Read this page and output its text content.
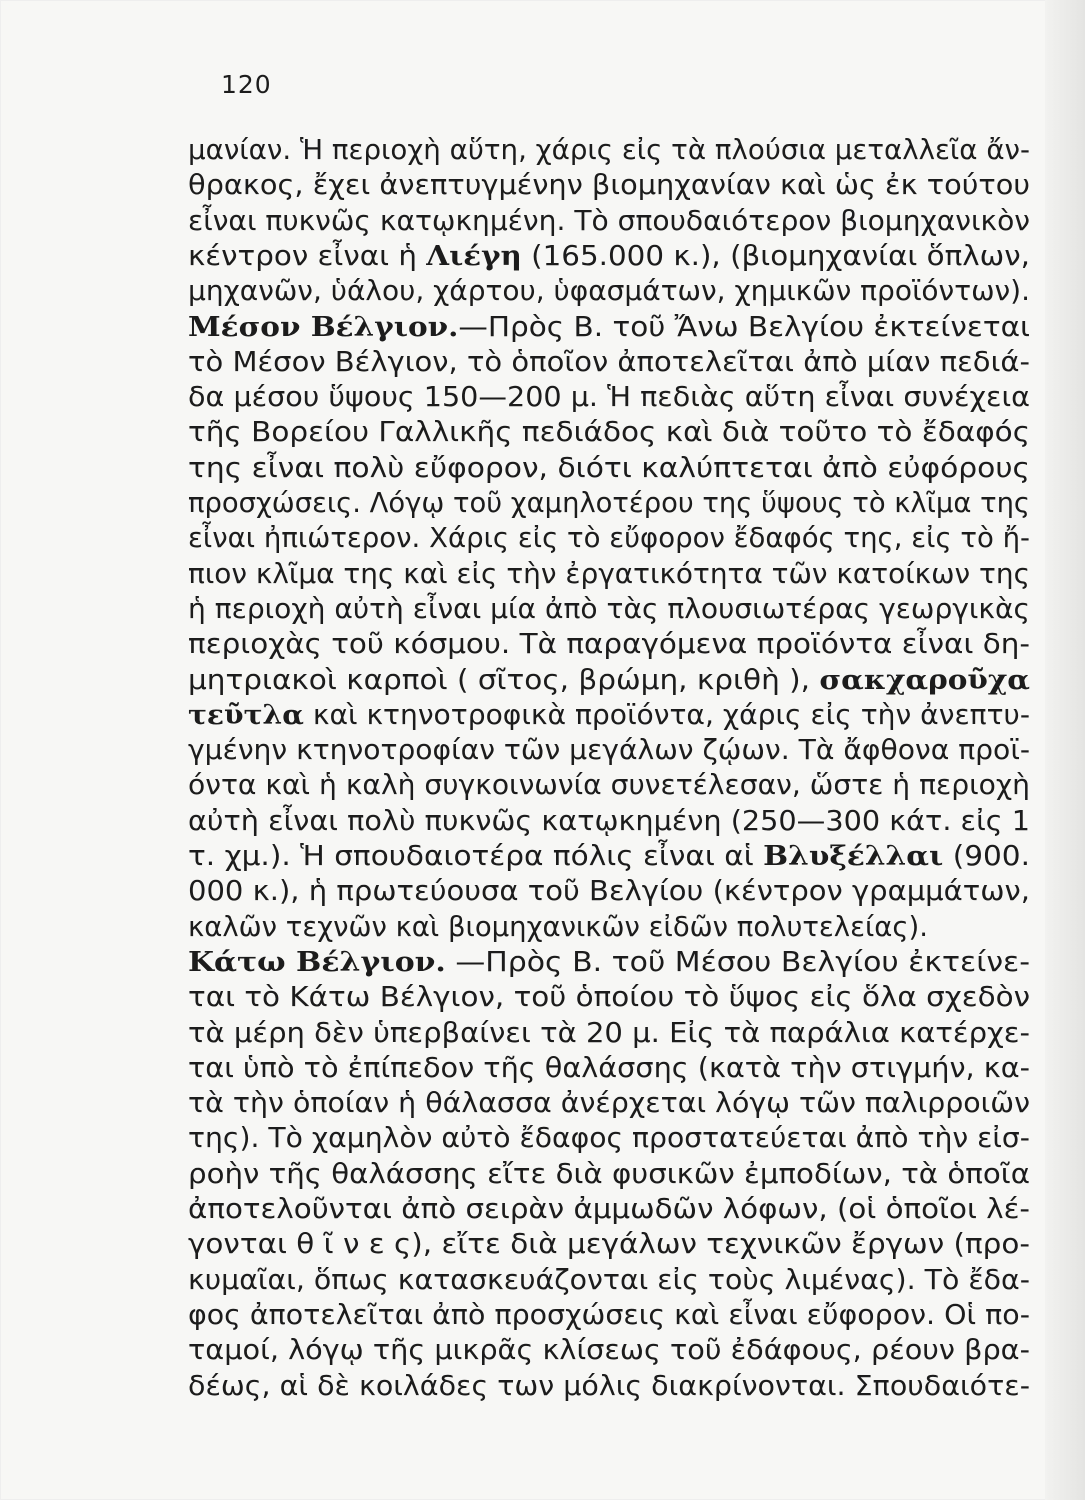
120
μανίαν. Ἡ περιοχὴ αὕτη, χάρις εἰς τὰ πλούσια μεταλλεῖα ἄν-
θρακος, ἔχει ἀνεπτυγμένην βιομηχανίαν καὶ ὡς ἐκ τούτου
εἶναι πυκνῶς κατῳκημένη. Τὸ σπουδαιότερον βιομηχανικὸν
κέντρον εἶναι ἡ Λιέγη (165.000 κ.), (βιομηχανίαι ὅπλων,
μηχανῶν, ὑάλου, χάρτου, ὑφασμάτων, χημικῶν προϊόντων).
Μέσον Βέλγιον.—Πρὸς Β. τοῦ Ἄνω Βελγίου ἐκτείνεται
τὸ Μέσον Βέλγιον, τὸ ὁποῖον ἀποτελεῖται ἀπὸ μίαν πεδιά-
δα μέσου ὕψους 150—200 μ. Ἡ πεδιὰς αὕτη εἶναι συνέχεια
τῆς Βορείου Γαλλικῆς πεδιάδος καὶ διὰ τοῦτο τὸ ἔδαφός
της εἶναι πολὺ εὔφορον, διότι καλύπτεται ἀπὸ εὐφόρους
προσχώσεις. Λόγῳ τοῦ χαμηλοτέρου της ὕψους τὸ κλῖμα της
εἶναι ἠπιώτερον. Χάρις εἰς τὸ εὔφορον ἔδαφός της, εἰς τὸ ἤ-
πιον κλῖμα της καὶ εἰς τὴν ἐργατικότητα τῶν κατοίκων της
ἡ περιοχὴ αὐτὴ εἶναι μία ἀπὸ τὰς πλουσιωτέρας γεωργικὰς
περιοχὰς τοῦ κόσμου. Τὰ παραγόμενα προϊόντα εἶναι δη-
μητριακοὶ καρποὶ ( σῖτος, βρώμη, κριθὴ ), σακχαροῦχα
τεῦτλα καὶ κτηνοτροφικὰ προϊόντα, χάρις εἰς τὴν ἀνεπτυ-
γμένην κτηνοτροφίαν τῶν μεγάλων ζῴων. Τὰ ἄφθονα προϊ-
όντα καὶ ἡ καλὴ συγκοινωνία συνετέλεσαν, ὥστε ἡ περιοχὴ
αὐτὴ εἶναι πολὺ πυκνῶς κατῳκημένη (250—300 κάτ. εἰς 1
τ. χμ.). Ἡ σπουδαιοτέρα πόλις εἶναι αἱ Βλυξέλλαι (900.
000 κ.), ἡ πρωτεύουσα τοῦ Βελγίου (κέντρον γραμμάτων,
καλῶν τεχνῶν καὶ βιομηχανικῶν εἰδῶν πολυτελείας).
Κάτω Βέλγιον. —Πρὸς Β. τοῦ Μέσου Βελγίου ἐκτείνε-
ται τὸ Κάτω Βέλγιον, τοῦ ὁποίου τὸ ὕψος εἰς ὅλα σχεδὸν
τὰ μέρη δὲν ὑπερβαίνει τὰ 20 μ. Εἰς τὰ παράλια κατέρχε-
ται ὑπὸ τὸ ἐπίπεδον τῆς θαλάσσης (κατὰ τὴν στιγμήν, κα-
τὰ τὴν ὁποίαν ἡ θάλασσα ἀνέρχεται λόγῳ τῶν παλιρροιῶν
της). Τὸ χαμηλὸν αὐτὸ ἔδαφος προστατεύεται ἀπὸ τὴν εἰσ-
ροὴν τῆς θαλάσσης εἴτε διὰ φυσικῶν ἐμποδίων, τὰ ὁποῖα
ἀποτελοῦνται ἀπὸ σειρὰν ἀμμωδῶν λόφων, (οἱ ὁποῖοι λέ-
γονται θ ῖ ν ε ς), εἴτε διὰ μεγάλων τεχνικῶν ἔργων (προ-
κυμαῖαι, ὅπως κατασκευάζονται εἰς τοὺς λιμένας). Τὸ ἔδα-
φος ἀποτελεῖται ἀπὸ προσχώσεις καὶ εἶναι εὔφορον. Οἱ πο-
ταμοί, λόγῳ τῆς μικρᾶς κλίσεως τοῦ ἐδάφους, ρέουν βρα-
δέως, αἱ δὲ κοιλάδες των μόλις διακρίνονται. Σπουδαιότε-
